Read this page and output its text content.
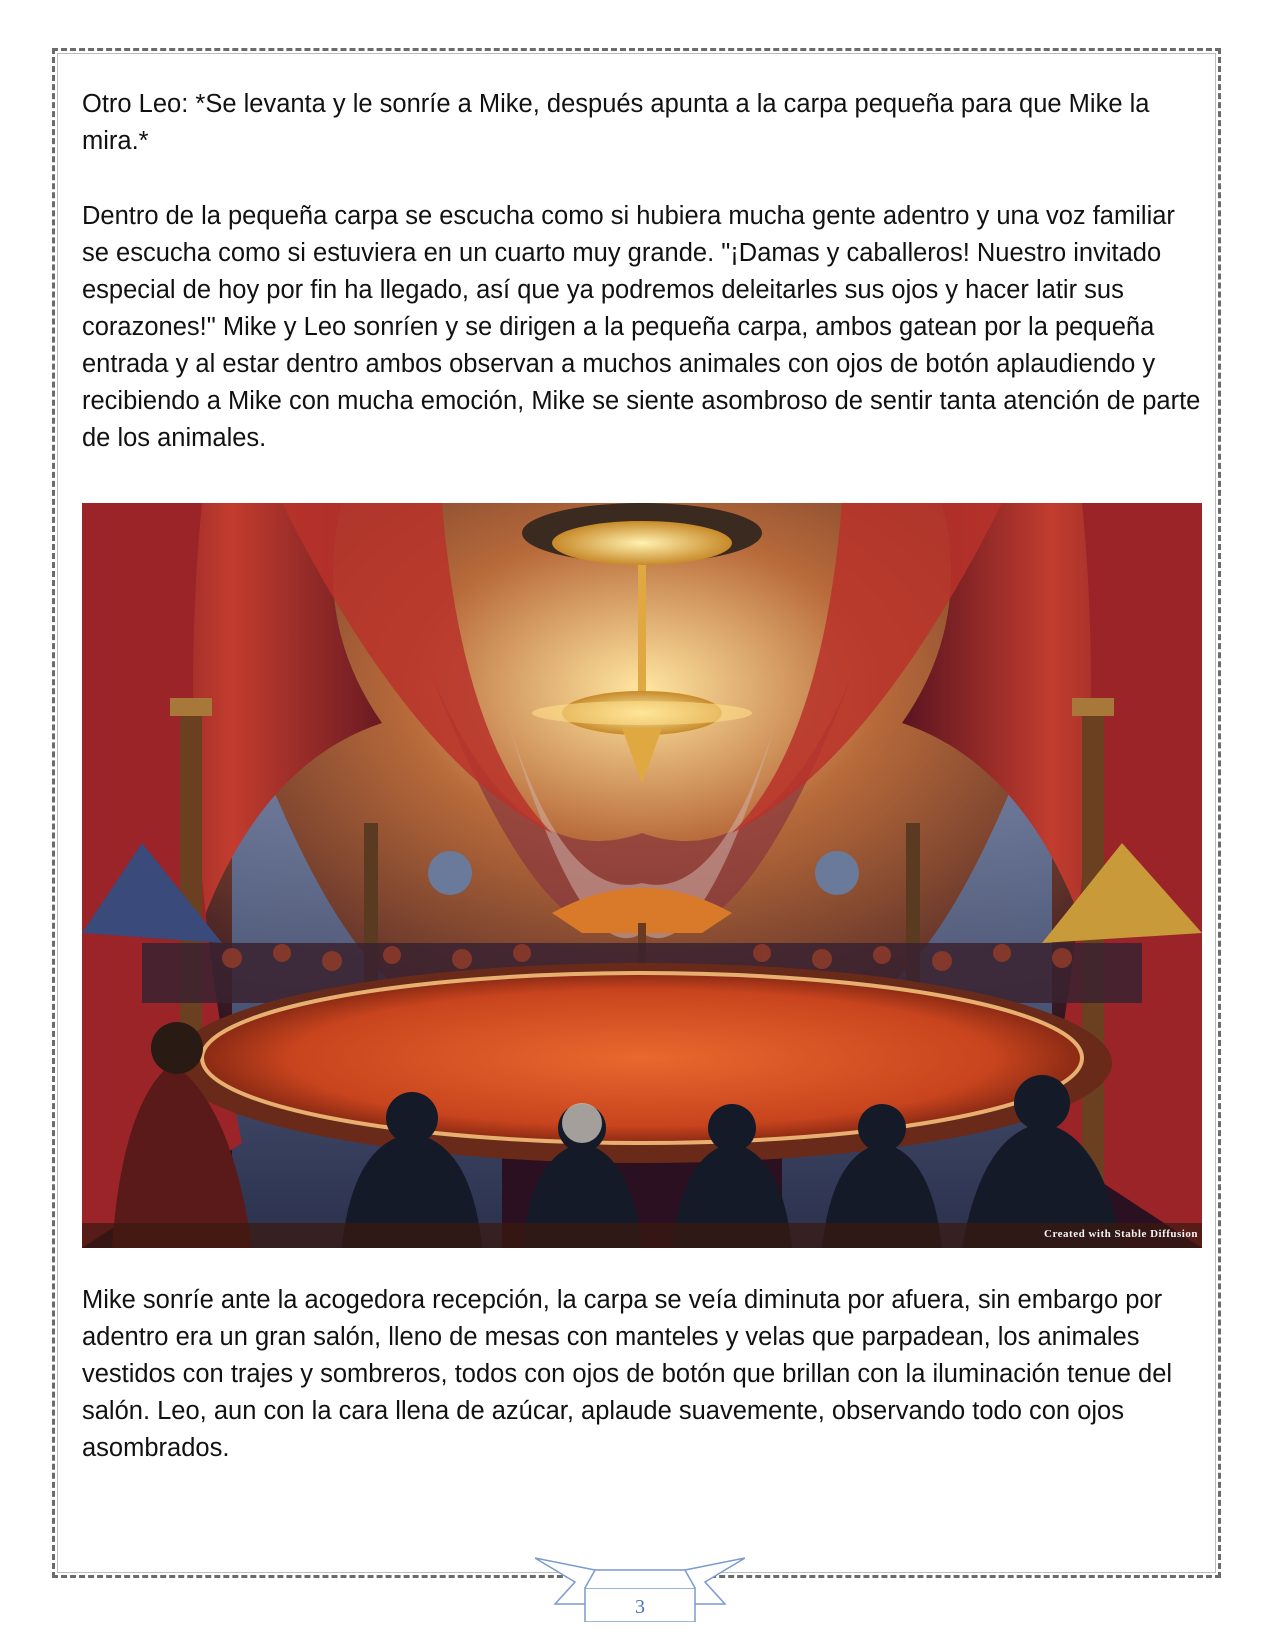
Otro Leo: *Se levanta y le sonríe a Mike, después apunta a la carpa pequeña para que Mike la mira.*

Dentro de la pequeña carpa se escucha como si hubiera mucha gente adentro y una voz familiar se escucha como si estuviera en un cuarto muy grande. "¡Damas y caballeros! Nuestro invitado especial de hoy por fin ha llegado, así que ya podremos deleitarles sus ojos y hacer latir sus corazones!" Mike y Leo sonríen y se dirigen a la pequeña carpa, ambos gatean por la pequeña entrada y al estar dentro ambos observan a muchos animales con ojos de botón aplaudiendo y recibiendo a Mike con mucha emoción, Mike se siente asombroso de sentir tanta atención de parte de los animales.

Created with Stable Diffusion

Mike sonríe ante la acogedora recepción, la carpa se veía diminuta por afuera, sin embargo por adentro era un gran salón, lleno de mesas con manteles y velas que parpadean, los animales vestidos con trajes y sombreros, todos con ojos de botón que brillan con la iluminación tenue del salón. Leo, aun con la cara llena de azúcar, aplaude suavemente, observando todo con ojos asombrados.

3
